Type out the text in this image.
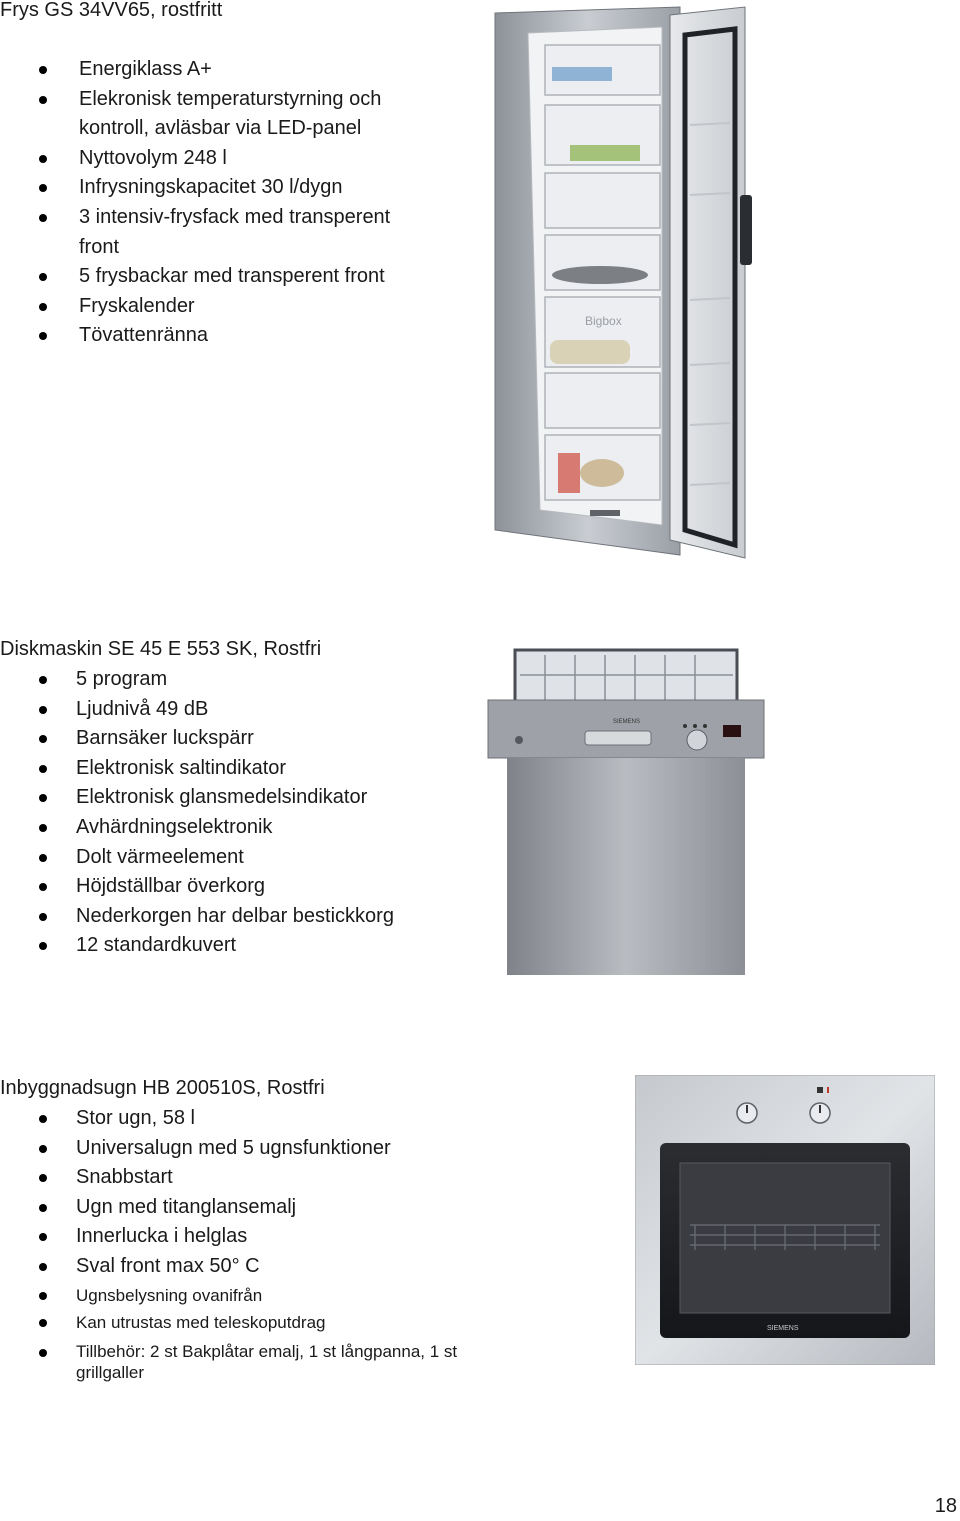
Frys GS 34VV65, rostfritt
Energiklass A+
Elekronisk temperaturstyrning och
kontroll, avläsbar via LED-panel
Nyttovolym 248 l
Infrysningskapacitet 30 l/dygn
3 intensiv-frysfack med transperent
front
5 frysbackar med transperent front
Fryskalender
Tövattenränna
Bigbox
Diskmaskin SE 45 E 553 SK, Rostfri
5 program
Ljudnivå 49 dB
Barnsäker luckspärr
Elektronisk saltindikator
Elektronisk glansmedelsindikator
Avhärdningselektronik
Dolt värmeelement
Höjdställbar överkorg
Nederkorgen har delbar bestickkorg
12 standardkuvert
SIEMENS
Inbyggnadsugn HB 200510S, Rostfri
Stor ugn, 58 l
Universalugn med 5 ugnsfunktioner
Snabbstart
Ugn med titanglansemalj
Innerlucka i helglas
Sval front max 50° C
Ugnsbelysning ovanifrån
Kan utrustas med teleskoputdrag
Tillbehör: 2 st Bakplåtar emalj, 1 st långpanna, 1 st grillgaller
SIEMENS
18
